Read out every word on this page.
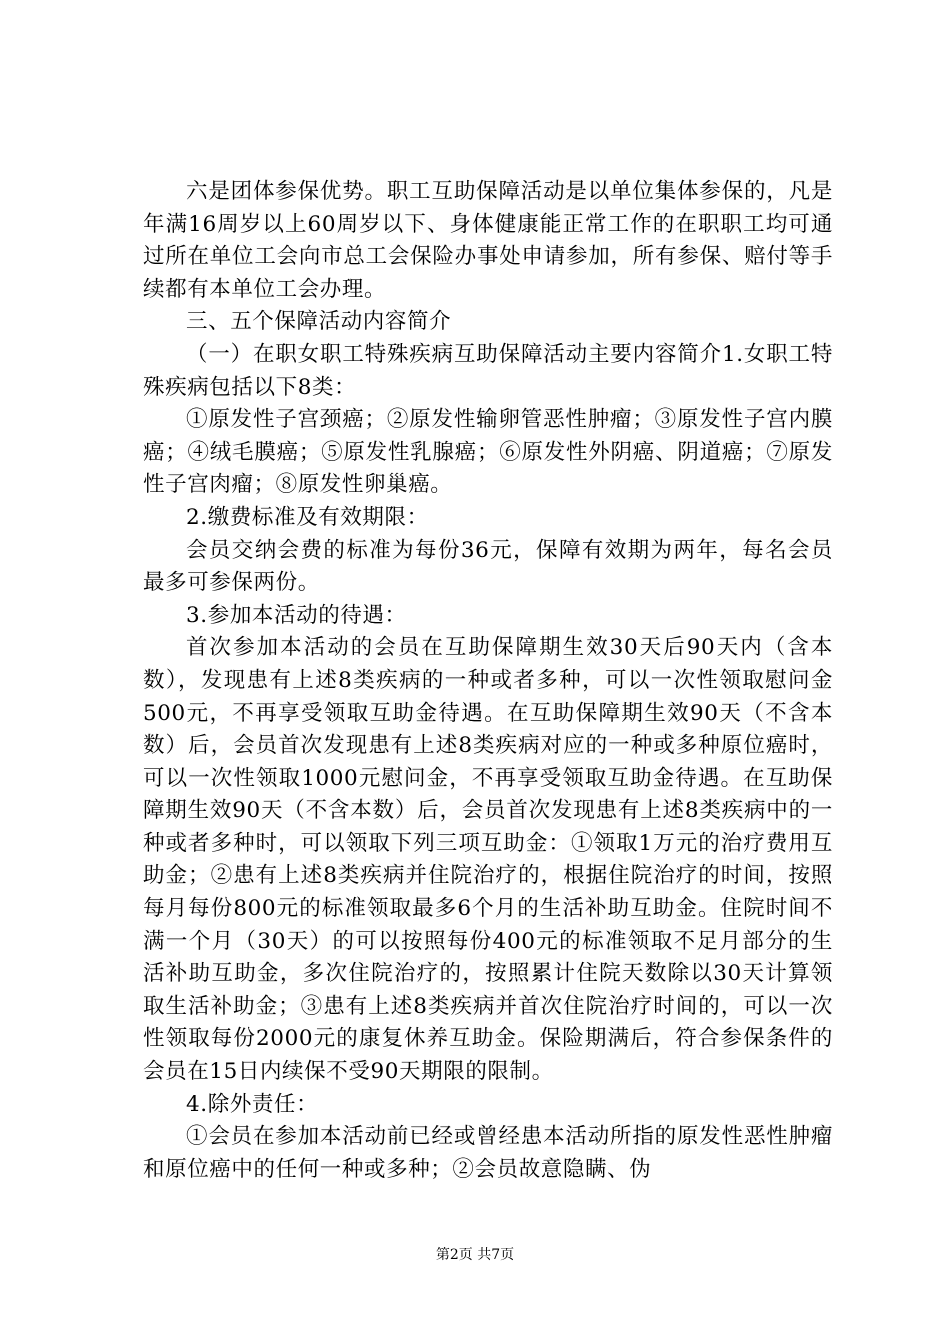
六是团体参保优势。职工互助保障活动是以单位集体参保的，凡是年满16周岁以上60周岁以下、身体健康能正常工作的在职职工均可通过所在单位工会向市总工会保险办事处申请参加，所有参保、赔付等手续都有本单位工会办理。

三、五个保障活动内容简介

（一）在职女职工特殊疾病互助保障活动主要内容简介1.女职工特殊疾病包括以下8类：

①原发性子宫颈癌；②原发性输卵管恶性肿瘤；③原发性子宫内膜癌；④绒毛膜癌；⑤原发性乳腺癌；⑥原发性外阴癌、阴道癌；⑦原发性子宫肉瘤；⑧原发性卵巢癌。

2.缴费标准及有效期限：

会员交纳会费的标准为每份36元，保障有效期为两年，每名会员最多可参保两份。

3.参加本活动的待遇：

首次参加本活动的会员在互助保障期生效30天后90天内（含本数），发现患有上述8类疾病的一种或者多种，可以一次性领取慰问金500元，不再享受领取互助金待遇。在互助保障期生效90天（不含本数）后，会员首次发现患有上述8类疾病对应的一种或多种原位癌时，可以一次性领取1000元慰问金，不再享受领取互助金待遇。在互助保障期生效90天（不含本数）后，会员首次发现患有上述8类疾病中的一种或者多种时，可以领取下列三项互助金：①领取1万元的治疗费用互助金；②患有上述8类疾病并住院治疗的，根据住院治疗的时间，按照每月每份800元的标准领取最多6个月的生活补助互助金。住院时间不满一个月（30天）的可以按照每份400元的标准领取不足月部分的生活补助互助金，多次住院治疗的，按照累计住院天数除以30天计算领取生活补助金；③患有上述8类疾病并首次住院治疗时间的，可以一次性领取每份2000元的康复休养互助金。保险期满后，符合参保条件的会员在15日内续保不受90天期限的限制。

4.除外责任：

①会员在参加本活动前已经或曾经患本活动所指的原发性恶性肿瘤和原位癌中的任何一种或多种；②会员故意隐瞒、伪

第2页 共7页
